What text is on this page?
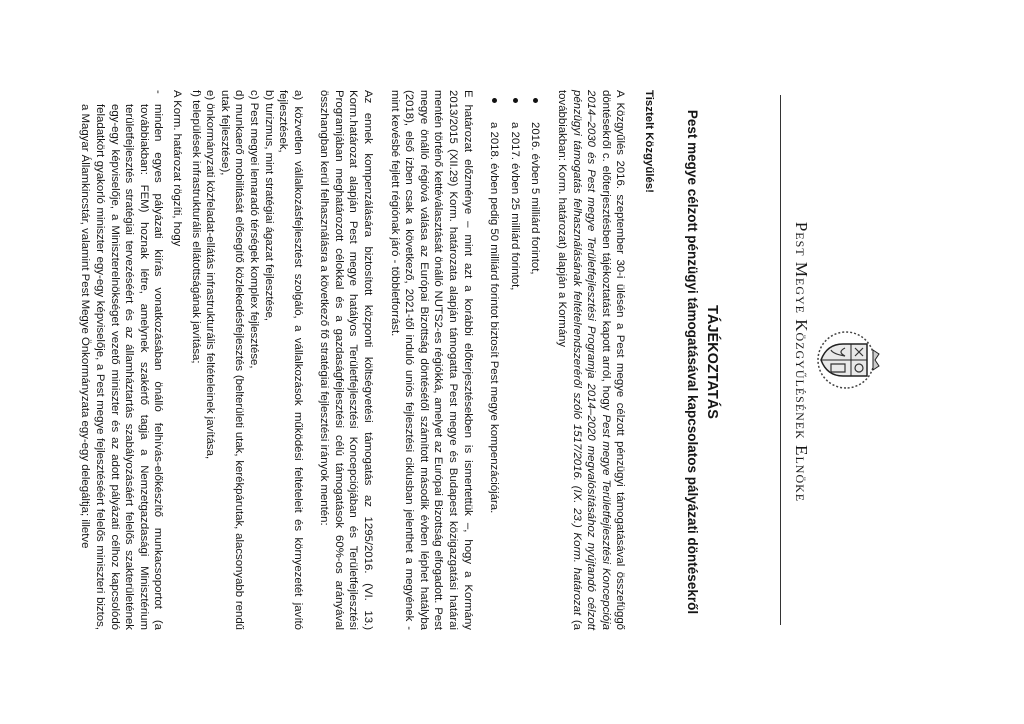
Pest Megye Közgyűlésének Elnöke
TÁJÉKOZTATÁS
Pest megye célzott pénzügyi támogatásával kapcsolatos pályázati döntésekről

Tisztelt Közgyűlés!

A Közgyűlés 2016. szeptember 30-i ülésén a Pest megye célzott pénzügyi támogatásával összefüggő döntésekről c. előterjesztésben tájékoztatást kapott arról, hogy Pest megye Területfejlesztési Koncepciója 2014–2030 és Pest megye Területfejlesztési Programja 2014–2020 megvalósításához nyújtandó célzott pénzügyi támogatás felhasználásának feltételrendszeréről szóló 1517/2016. (IX. 23.) Korm. határozat (a továbbiakban: Korm. határozat) alapján a Kormány

2016. évben 5 milliárd forintot,
a 2017. évben 25 milliárd forintot,
a 2018. évben pedig 50 milliárd forintot biztosít Pest megye kompenzációjára.

E határozat előzménye – mint azt a korábbi előterjesztésekben is ismertettük –, hogy a Kormány 2013/2015 (XII.29) Korm. határozata alapján támogatta Pest megye és Budapest közigazgatási határai mentén történő kettéválasztását önálló NUTS2-es régiókká, amelyet az Európai Bizottság elfogadott. Pest megye önálló régióvá válása az Európai Bizottság döntésétől számított második évben léphet hatályba (2018), első ízben csak a következő, 2021-től induló uniós fejlesztési ciklusban jelenthet a megyének - mint kevésbé fejlett régiónak járó - többletforrást.

Az ennek kompenzálására biztosított központi költségvetési támogatás az 1295/2016. (VI. 13.) Korm.határozat alapján Pest megye hatályos Területfejlesztési Koncepciójában és Területfejlesztési Programjában meghatározott célokkal és a gazdaságfejlesztési célú támogatások 60%-os arányával összhangban kerül felhasználásra a következő fő stratégiai fejlesztési irányok mentén:

a) közvetlen vállalkozásfejlesztést szolgáló, a vállalkozások működési feltételeit és környezetét javító fejlesztések,
b) turizmus, mint stratégiai ágazat fejlesztése,
c) Pest megyei lemaradó térségek komplex fejlesztése,
d) munkaerő mobilitását elősegítő közlekedésfejlesztés (belterületi utak, kerékpárutak, alacsonyabb rendű utak fejlesztése),
e) önkormányzati közfeladat-ellátás infrastrukturális feltételeinek javítása,
f) települések infrastrukturális ellátottságának javítása;

A Korm. határozat rögzíti, hogy

-
minden egyes pályázati kiírás vonatkozásában önálló felhívás-előkészítő munkacsoportot (a továbbiakban: FEM) hoznak létre, amelynek szakértő tagja a Nemzetgazdasági Minisztérium területfejlesztés stratégiai tervezéséért és az államháztartás szabályozásáért felelős szakterületének egy-egy képviselője, a Miniszterelnökséget vezető miniszter és az adott pályázati célhoz kapcsolódó feladatkört gyakorló miniszter egy-egy képviselője, a Pest megye fejlesztéséért felelős miniszteri biztos, a Magyar Államkincstár, valamint Pest Megye Önkormányzata egy-egy delegáltja; illetve
